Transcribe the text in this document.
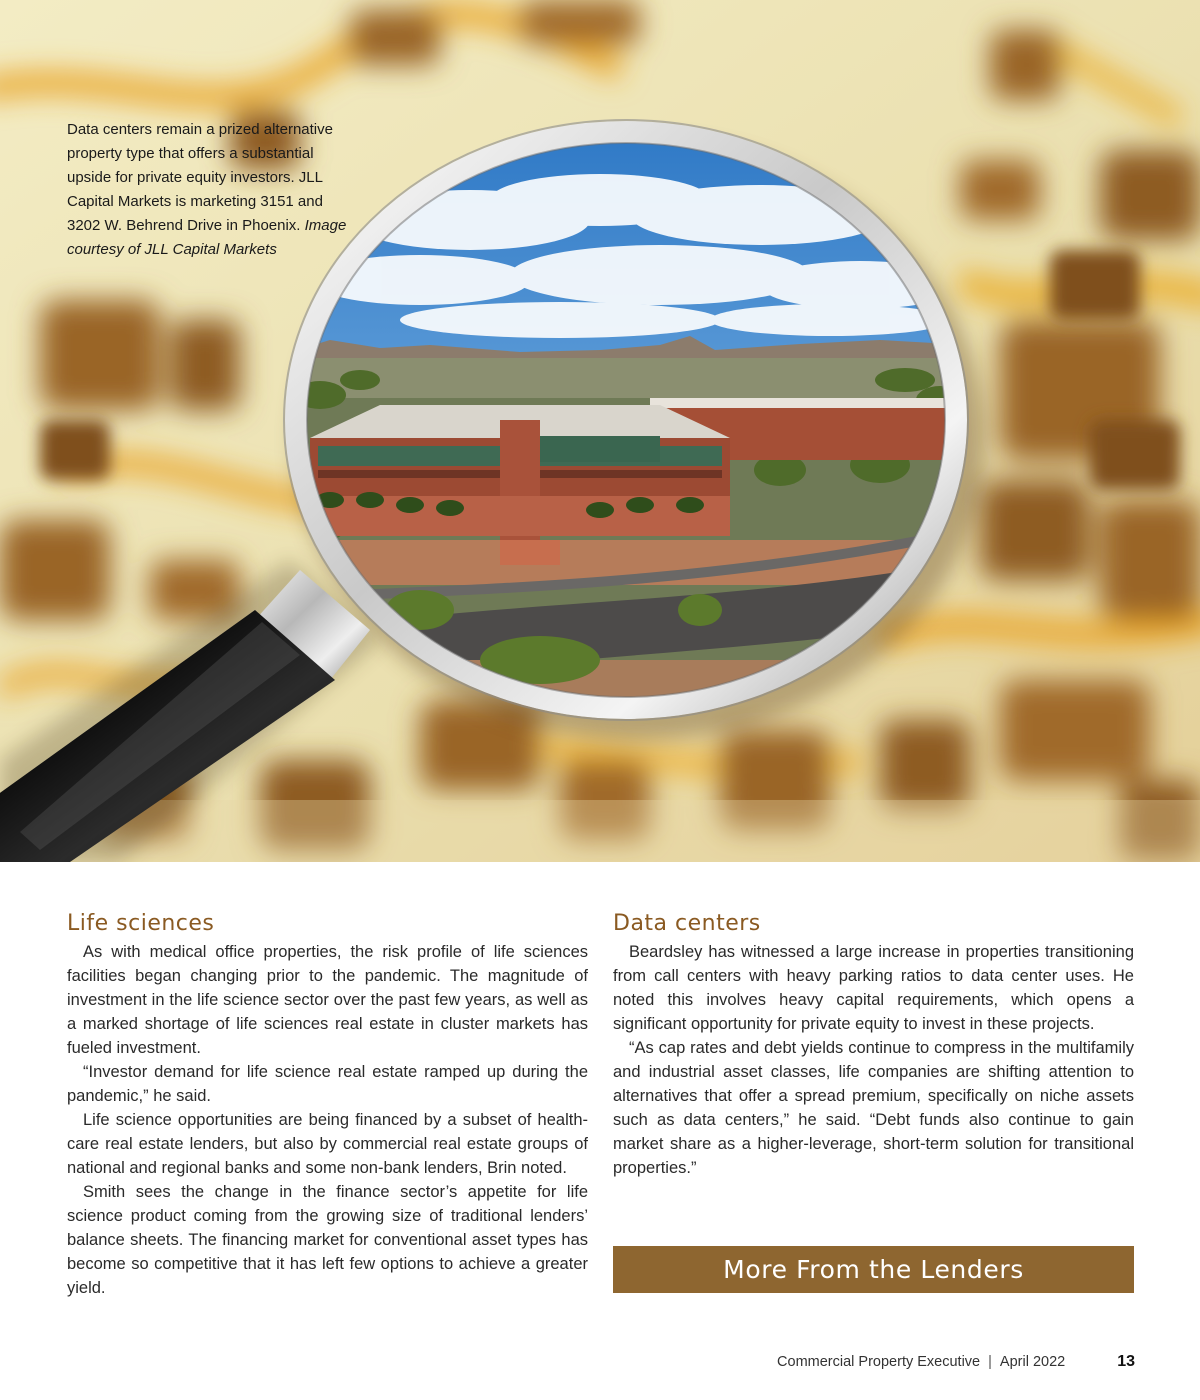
Data centers remain a prized alternative property type that offers a substantial upside for private equity investors. JLL Capital Markets is marketing 3151 and 3202 W. Behrend Drive in Phoenix. Image courtesy of JLL Capital Markets
Life sciences

As with medical office properties, the risk profile of life sciences facilities began changing prior to the pandemic. The magnitude of investment in the life science sector over the past few years, as well as a marked shortage of life sciences real estate in cluster markets has fueled investment.

“Investor demand for life science real estate ramped up during the pandemic,” he said.

Life science opportunities are being financed by a subset of health-care real estate lenders, but also by commercial real estate groups of national and regional banks and some non-bank lenders, Brin noted.

Smith sees the change in the finance sector’s appetite for life science product coming from the growing size of traditional lenders’ balance sheets. The financing market for conventional asset types has become so competitive that it has left few options to achieve a greater yield.

Data centers

Beardsley has witnessed a large increase in properties transitioning from call centers with heavy parking ratios to data center uses. He noted this involves heavy capital requirements, which opens a significant opportunity for private equity to invest in these projects.

“As cap rates and debt yields continue to compress in the multifamily and industrial asset classes, life companies are shifting attention to alternatives that offer a spread premium, specifically on niche assets such as data centers,” he said. “Debt funds also continue to gain market share as a higher-leverage, short-term solution for transitional properties.”

More From the Lenders
Commercial Property Executive | April 2022	13
